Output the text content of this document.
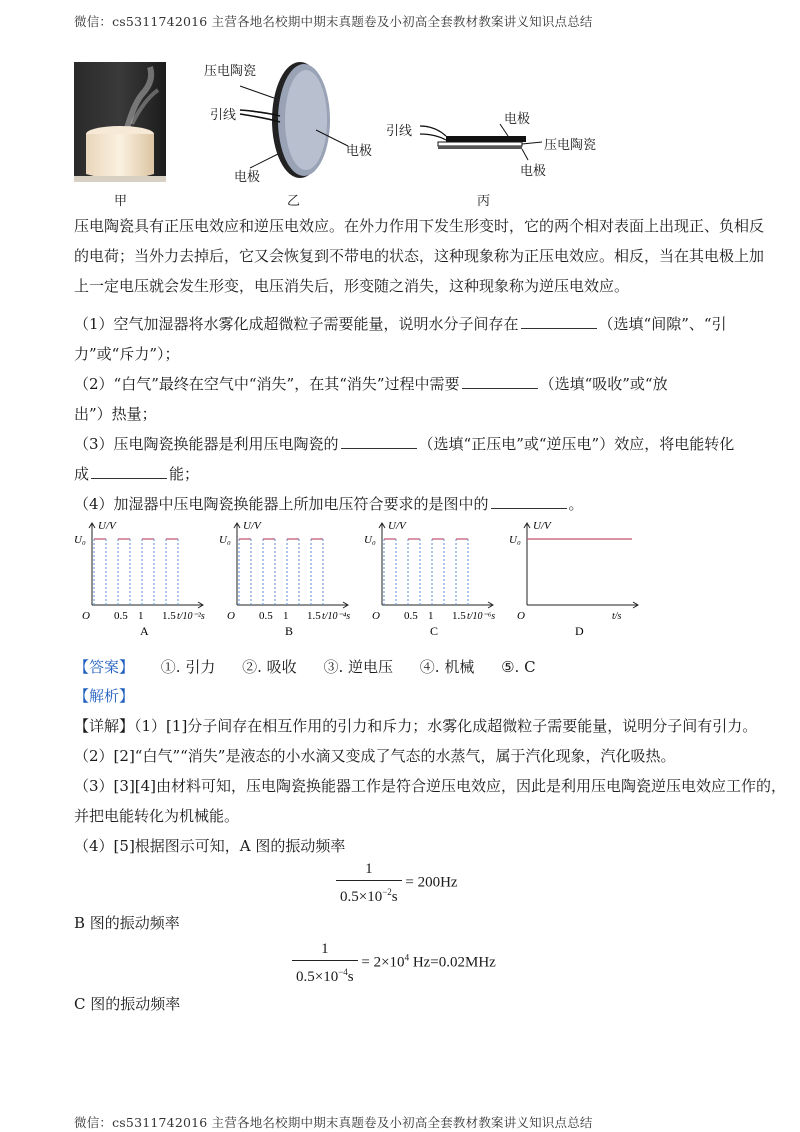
微信：cs5311742016 主营各地名校期中期末真题卷及小初高全套教材教案讲义知识点总结
甲
压电陶瓷
引线
电极
电极
乙
引线
电极
压电陶瓷
电极
丙
压电陶瓷具有正压电效应和逆压电效应。在外力作用下发生形变时，它的两个相对表面上出现正、负相反
的电荷；当外力去掉后，它又会恢复到不带电的状态，这种现象称为正压电效应。相反，当在其电极上加
上一定电压就会发生形变，电压消失后，形变随之消失，这种现象称为逆压电效应。
（1）空气加湿器将水雾化成超微粒子需要能量，说明水分子间存在	（选填“间隙”、“引
力”或“斥力”）；
（2）“白气”最终在空气中“消失”，在其“消失”过程中需要	（选填“吸收”或“放
出”）热量；
（3）压电陶瓷换能器是利用压电陶瓷的	（选填“正压电”或“逆压电”）效应，将电能转化
成	能；
（4）加湿器中压电陶瓷换能器上所加电压符合要求的是图中的	。
0.5 1 1.5
U/V
U₀
O	t/10⁻²s
A
0.5 1 1.5
U/V
U₀
O	t/10⁻⁴s
B
0.5 1 1.5
U/V
U₀
O	t/10⁻⁶s
C
U/V
U₀
O	t/s
D
【答案】 ①. 引力 ②. 吸收 ③. 逆电压 ④. 机械 ⑤. C
【解析】
【详解】（1）[1]分子间存在相互作用的引力和斥力；水雾化成超微粒子需要能量，说明分子间有引力。
（2）[2]“白气”“消失”是液态的小水滴又变成了气态的水蒸气，属于汽化现象，汽化吸热。
（3）[3][4]由材料可知，压电陶瓷换能器工作是符合逆压电效应，因此是利用压电陶瓷逆压电效应工作的，
并把电能转化为机械能。
（4）[5]根据图示可知，A 图的振动频率
$\frac{1}{0.5\times 10^{-2}s} = 200Hz$
B 图的振动频率
$\frac{1}{0.5\times 10^{-4}s} = 2\times 10^4$ Hz=0.02MHz
C 图的振动频率
微信：cs5311742016 主营各地名校期中期末真题卷及小初高全套教材教案讲义知识点总结
